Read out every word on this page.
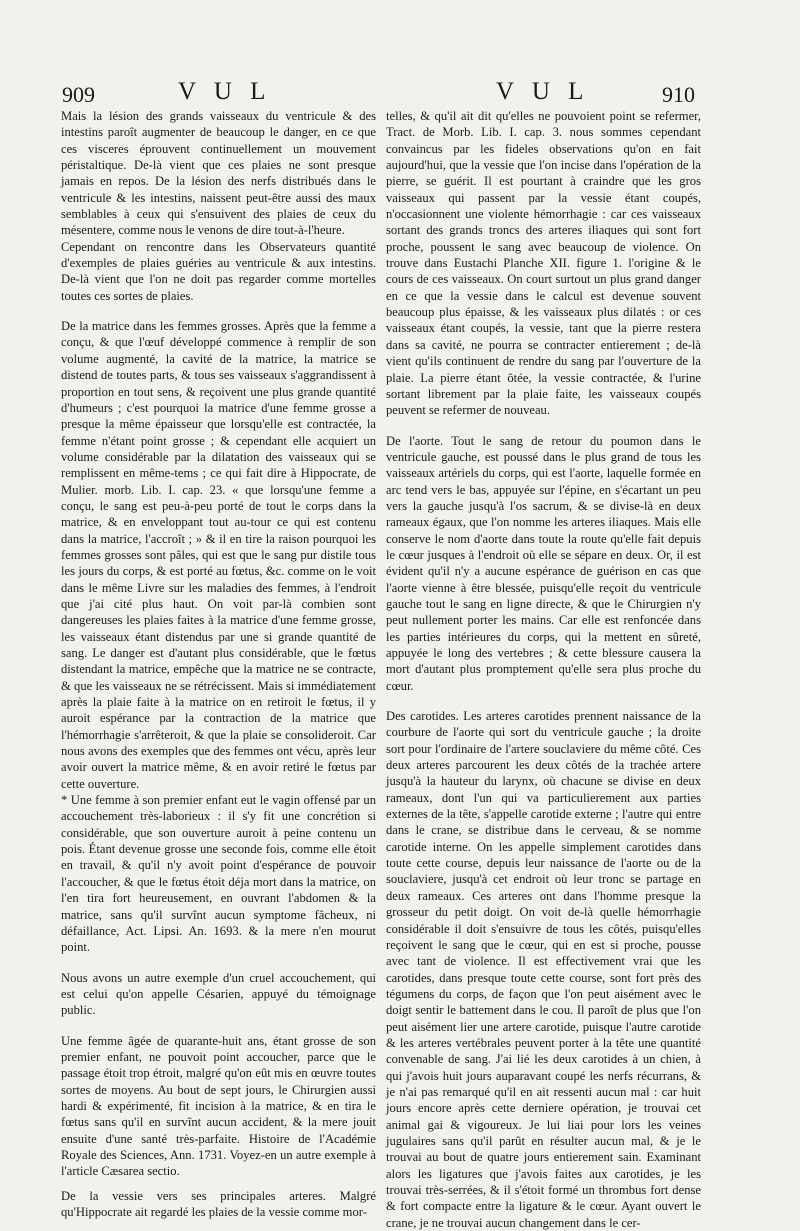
909	V U L	V U L	910

Mais la lésion des grands vaisseaux du ventricule & des intestins paroît augmenter de beaucoup le danger, en ce que ces visceres éprouvent continuellement un mouvement péristaltique. De-là vient que ces plaies ne sont presque jamais en repos. De la lésion des nerfs distribués dans le ventricule & les intestins, naissent peut-être aussi des maux semblables à ceux qui s'ensuivent des plaies de ceux du mésentere, comme nous le venons de dire tout-à-l'heure.

Cependant on rencontre dans les Observateurs quantité d'exemples de plaies guéries au ventricule & aux intestins. De-là vient que l'on ne doit pas regarder comme mortelles toutes ces sortes de plaies.

De la matrice dans les femmes grosses. Après que la femme a conçu, & que l'œuf développé commence à remplir de son volume augmenté, la cavité de la matrice, la matrice se distend de toutes parts, & tous ses vaisseaux s'aggrandissent à proportion en tout sens, & reçoivent une plus grande quantité d'humeurs ; c'est pourquoi la matrice d'une femme grosse a presque la même épaisseur que lorsqu'elle est contractée, la femme n'étant point grosse ; & cependant elle acquiert un volume considérable par la dilatation des vaisseaux qui se remplissent en même-tems ; ce qui fait dire à Hippocrate, de Mulier. morb. Lib. I. cap. 23. « que lorsqu'une femme a conçu, le sang est peu-à-peu porté de tout le corps dans la matrice, & en enveloppant tout au-tour ce qui est contenu dans la matrice, l'accroît ; » & il en tire la raison pourquoi les femmes grosses sont pâles, qui est que le sang pur distile tous les jours du corps, & est porté au fœtus, &c. comme on le voit dans le même Livre sur les maladies des femmes, à l'endroit que j'ai cité plus haut. On voit par-là combien sont dangereuses les plaies faites à la matrice d'une femme grosse, les vaisseaux étant distendus par une si grande quantité de sang. Le danger est d'autant plus considérable, que le fœtus distendant la matrice, empêche que la matrice ne se contracte, & que les vaisseaux ne se rétrécissent. Mais si immédiatement après la plaie faite à la matrice on en retiroit le fœtus, il y auroit espérance par la contraction de la matrice que l'hémorrhagie s'arrêteroit, & que la plaie se consolideroit. Car nous avons des exemples que des femmes ont vécu, après leur avoir ouvert la matrice même, & en avoir retiré le fœtus par cette ouverture.

* Une femme à son premier enfant eut le vagin offensé par un accouchement très-laborieux : il s'y fit une concrétion si considérable, que son ouverture auroit à peine contenu un pois. Étant devenue grosse une seconde fois, comme elle étoit en travail, & qu'il n'y avoit point d'espérance de pouvoir l'accoucher, & que le fœtus étoit déja mort dans la matrice, on l'en tira fort heureusement, en ouvrant l'abdomen & la matrice, sans qu'il survînt aucun symptome fâcheux, ni défaillance, Act. Lipsi. An. 1693. & la mere n'en mourut point.

Nous avons un autre exemple d'un cruel accouchement, qui est celui qu'on appelle Césarien, appuyé du témoignage public.

Une femme âgée de quarante-huit ans, étant grosse de son premier enfant, ne pouvoit point accoucher, parce que le passage étoit trop étroit, malgré qu'on eût mis en œuvre toutes sortes de moyens. Au bout de sept jours, le Chirurgien aussi hardi & expérimenté, fit incision à la matrice, & en tira le fœtus sans qu'il en survînt aucun accident, & la mere jouit ensuite d'une santé très-parfaite. Histoire de l'Académie Royale des Sciences, Ann. 1731. Voyez-en un autre exemple à l'article Cæsarea sectio.

De la vessie vers ses principales arteres. Malgré qu'Hippocrate ait regardé les plaies de la vessie comme mor-

telles, & qu'il ait dit qu'elles ne pouvoient point se refermer, Tract. de Morb. Lib. I. cap. 3. nous sommes cependant convaincus par les fideles observations qu'on en fait aujourd'hui, que la vessie que l'on incise dans l'opération de la pierre, se guérit. Il est pourtant à craindre que les gros vaisseaux qui passent par la vessie étant coupés, n'occasionnent une violente hémorrhagie : car ces vaisseaux sortant des grands troncs des arteres iliaques qui sont fort proche, poussent le sang avec beaucoup de violence. On trouve dans Eustachi Planche XII. figure 1. l'origine & le cours de ces vaisseaux. On court surtout un plus grand danger en ce que la vessie dans le calcul est devenue souvent beaucoup plus épaisse, & les vaisseaux plus dilatés : or ces vaisseaux étant coupés, la vessie, tant que la pierre restera dans sa cavité, ne pourra se contracter entierement ; de-là vient qu'ils continuent de rendre du sang par l'ouverture de la plaie. La pierre étant ôtée, la vessie contractée, & l'urine sortant librement par la plaie faite, les vaisseaux coupés peuvent se refermer de nouveau.

De l'aorte. Tout le sang de retour du poumon dans le ventricule gauche, est poussé dans le plus grand de tous les vaisseaux artériels du corps, qui est l'aorte, laquelle formée en arc tend vers le bas, appuyée sur l'épine, en s'écartant un peu vers la gauche jusqu'à l'os sacrum, & se divise-là en deux rameaux égaux, que l'on nomme les arteres iliaques. Mais elle conserve le nom d'aorte dans toute la route qu'elle fait depuis le cœur jusques à l'endroit où elle se sépare en deux. Or, il est évident qu'il n'y a aucune espérance de guérison en cas que l'aorte vienne à être blessée, puisqu'elle reçoit du ventricule gauche tout le sang en ligne directe, & que le Chirurgien n'y peut nullement porter les mains. Car elle est renfoncée dans les parties intérieures du corps, qui la mettent en sûreté, appuyée le long des vertebres ; & cette blessure causera la mort d'autant plus promptement qu'elle sera plus proche du cœur.

Des carotides. Les arteres carotides prennent naissance de la courbure de l'aorte qui sort du ventricule gauche ; la droite sort pour l'ordinaire de l'artere souclaviere du même côté. Ces deux arteres parcourent les deux côtés de la trachée artere jusqu'à la hauteur du larynx, où chacune se divise en deux rameaux, dont l'un qui va particulierement aux parties externes de la tête, s'appelle carotide externe ; l'autre qui entre dans le crane, se distribue dans le cerveau, & se nomme carotide interne. On les appelle simplement carotides dans toute cette course, depuis leur naissance de l'aorte ou de la souclaviere, jusqu'à cet endroit où leur tronc se partage en deux rameaux. Ces arteres ont dans l'homme presque la grosseur du petit doigt. On voit de-là quelle hémorrhagie considérable il doit s'ensuivre de tous les côtés, puisqu'elles reçoivent le sang que le cœur, qui en est si proche, pousse avec tant de violence. Il est effectivement vrai que les carotides, dans presque toute cette course, sont fort près des tégumens du corps, de façon que l'on peut aisément avec le doigt sentir le battement dans le cou. Il paroît de plus que l'on peut aisément lier une artere carotide, puisque l'autre carotide & les arteres vertébrales peuvent porter à la tête une quantité convenable de sang. J'ai lié les deux carotides à un chien, à qui j'avois huit jours auparavant coupé les nerfs récurrans, & je n'ai pas remarqué qu'il en ait ressenti aucun mal : car huit jours encore après cette derniere opération, je trouvai cet animal gai & vigoureux. Je lui liai pour lors les veines jugulaires sans qu'il parût en résulter aucun mal, & je le trouvai au bout de quatre jours entierement sain. Examinant alors les ligatures que j'avois faites aux carotides, je les trouvai très-serrées, & il s'étoit formé un thrombus fort dense & fort compacte entre la ligature & le cœur. Ayant ouvert le crane, je ne trouvai aucun changement dans le cer-
